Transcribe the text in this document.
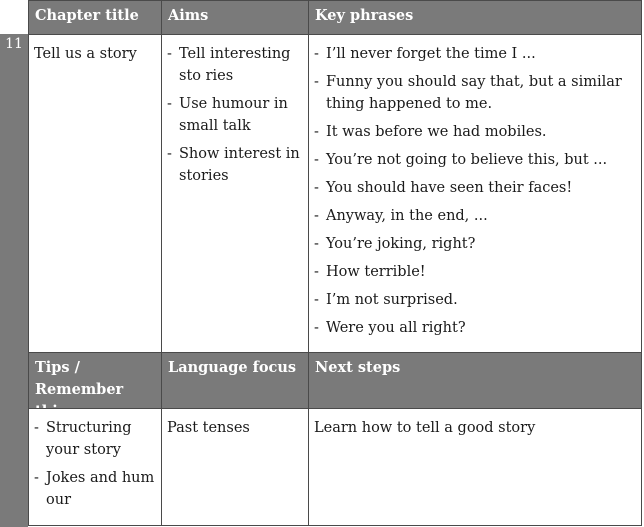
11
Chapter title	Aims	Key phrases
Tell us a story
-	Tell interesting sto ries
- Use humour in small talk
- Show interest in stories
- I’ll never forget the time I ...
- Funny you should say that, but a similar thing happened to me.
- It was before we had mobiles.
- You’re not going to believe this, but ...
- You should have seen their faces!
- Anyway, in the end, ...
- You’re joking, right?
- How terrible!
- I’m not surprised.
- Were you all right?
Tips / Remember
Language focus	Next steps
- Structuring your story
- Jokes and hum our
Past tenses	Learn how to tell a good story
